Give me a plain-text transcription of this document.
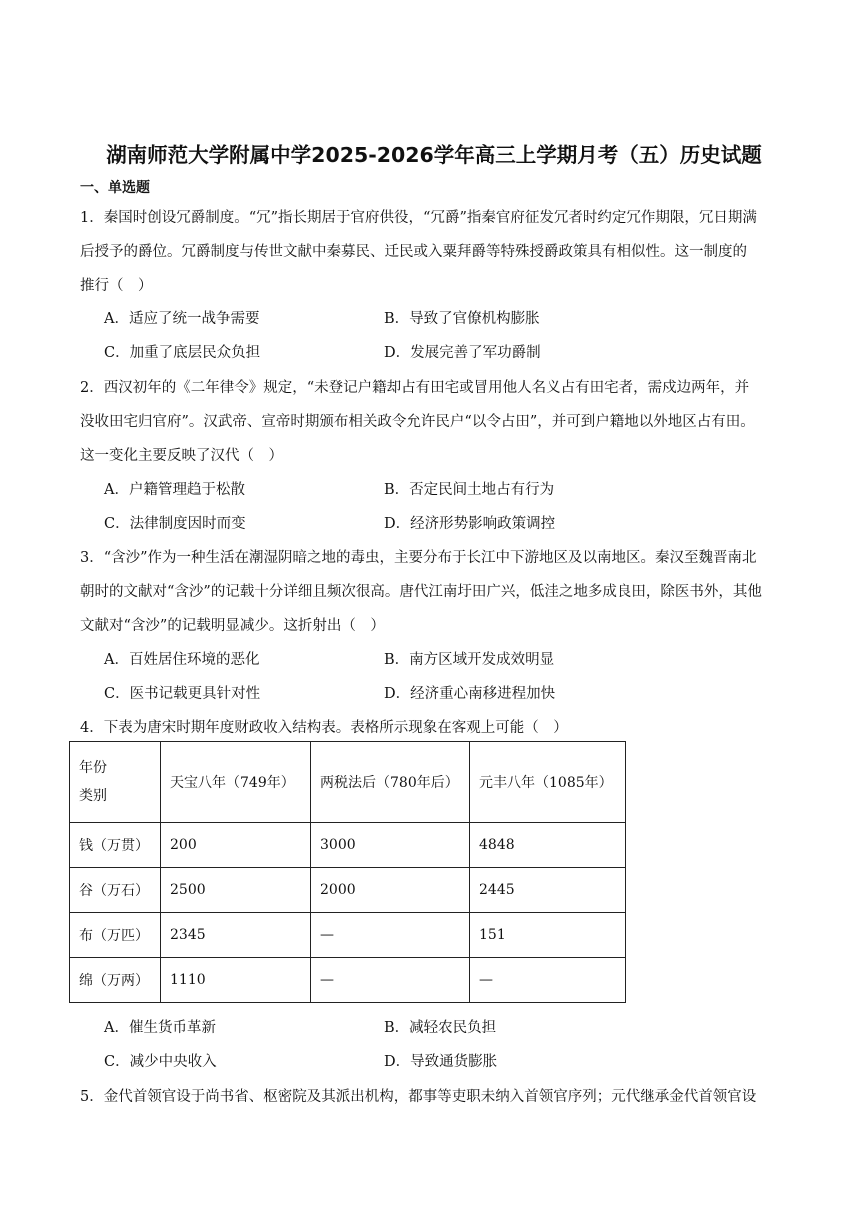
湖南师范大学附属中学2025-2026学年高三上学期月考（五）历史试题
一、单选题
1．秦国时创设冗爵制度。“冗”指长期居于官府供役，“冗爵”指秦官府征发冗者时约定冗作期限，冗日期满
后授予的爵位。冗爵制度与传世文献中秦募民、迁民或入粟拜爵等特殊授爵政策具有相似性。这一制度的
推行（　）
A．适应了统一战争需要	B．导致了官僚机构膨胀
C．加重了底层民众负担	D．发展完善了军功爵制
2．西汉初年的《二年律令》规定，“未登记户籍却占有田宅或冒用他人名义占有田宅者，需戍边两年，并
没收田宅归官府”。汉武帝、宣帝时期颁布相关政令允许民户“以令占田”，并可到户籍地以外地区占有田。
这一变化主要反映了汉代（　）
A．户籍管理趋于松散	B．否定民间土地占有行为
C．法律制度因时而变	D．经济形势影响政策调控
3．“含沙”作为一种生活在潮湿阴暗之地的毒虫，主要分布于长江中下游地区及以南地区。秦汉至魏晋南北
朝时的文献对“含沙”的记载十分详细且频次很高。唐代江南圩田广兴，低洼之地多成良田，除医书外，其他
文献对“含沙”的记载明显减少。这折射出（　）
A．百姓居住环境的恶化	B．南方区域开发成效明显
C．医书记载更具针对性	D．经济重心南移进程加快
4．下表为唐宋时期年度财政收入结构表。表格所示现象在客观上可能（　）
年份
类别	天宝八年（749年）	两税法后（780年后）	元丰八年（1085年）
钱（万贯）	200	3000	4848
谷（万石）	2500	2000	2445
布（万匹）	2345	—	151
绵（万两）	1110	—	—
A．催生货币革新	B．减轻农民负担
C．减少中央收入	D．导致通货膨胀
5．金代首领官设于尚书省、枢密院及其派出机构，都事等吏职未纳入首领官序列；元代继承金代首领官设
